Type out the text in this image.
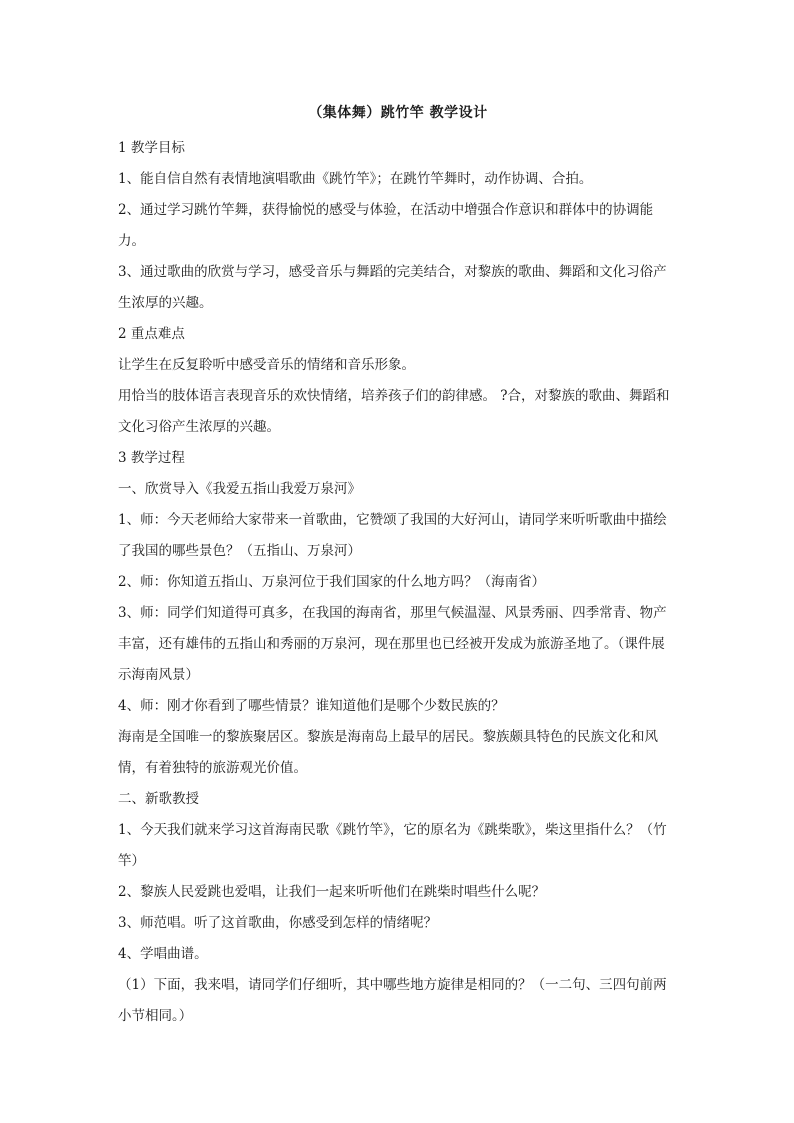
（集体舞）跳竹竿 教学设计

1 教学目标

1、能自信自然有表情地演唱歌曲《跳竹竿》；在跳竹竿舞时，动作协调、合拍。

2、通过学习跳竹竿舞，获得愉悦的感受与体验，在活动中增强合作意识和群体中的协调能力。

3、通过歌曲的欣赏与学习，感受音乐与舞蹈的完美结合，对黎族的歌曲、舞蹈和文化习俗产生浓厚的兴趣。

2 重点难点

让学生在反复聆听中感受音乐的情绪和音乐形象。

用恰当的肢体语言表现音乐的欢快情绪，培养孩子们的韵律感。 ?合，对黎族的歌曲、舞蹈和文化习俗产生浓厚的兴趣。

3 教学过程

一、欣赏导入《我爱五指山我爱万泉河》

1、师：今天老师给大家带来一首歌曲，它赞颂了我国的大好河山，请同学来听听歌曲中描绘了我国的哪些景色？（五指山、万泉河）

2、师：你知道五指山、万泉河位于我们国家的什么地方吗？（海南省）

3、师：同学们知道得可真多，在我国的海南省，那里气候温湿、风景秀丽、四季常青、物产丰富，还有雄伟的五指山和秀丽的万泉河，现在那里也已经被开发成为旅游圣地了。（课件展示海南风景）

4、师：刚才你看到了哪些情景？谁知道他们是哪个少数民族的？

海南是全国唯一的黎族聚居区。黎族是海南岛上最早的居民。黎族颇具特色的民族文化和风情，有着独特的旅游观光价值。

二、新歌教授

1、今天我们就来学习这首海南民歌《跳竹竿》，它的原名为《跳柴歌》，柴这里指什么？（竹竿）

2、黎族人民爱跳也爱唱，让我们一起来听听他们在跳柴时唱些什么呢？

3、师范唱。听了这首歌曲，你感受到怎样的情绪呢？

4、学唱曲谱。

（1）下面，我来唱，请同学们仔细听，其中哪些地方旋律是相同的？（一二句、三四句前两小节相同。）
